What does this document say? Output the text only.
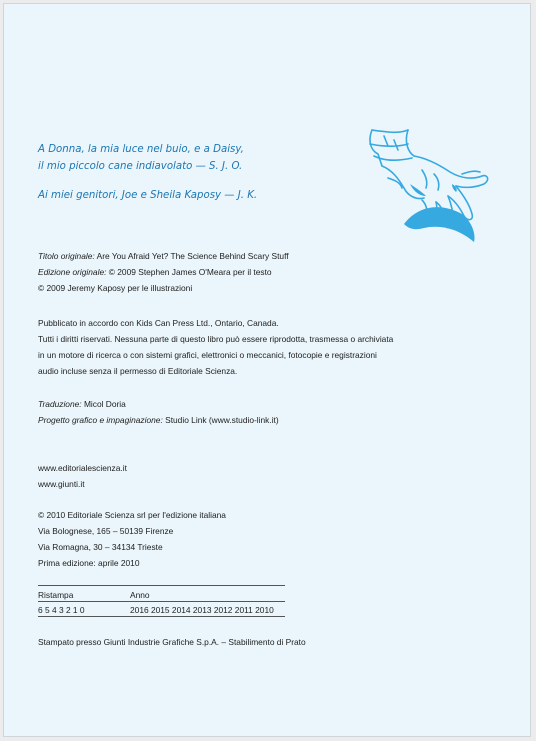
A Donna, la mia luce nel buio, e a Daisy,
il mio piccolo cane indiavolato — S. J. O.
Ai miei genitori, Joe e Sheila Kaposy — J. K.
Titolo originale: Are You Afraid Yet? The Science Behind Scary Stuff
Edizione originale: © 2009 Stephen James O'Meara per il testo
© 2009 Jeremy Kaposy per le illustrazioni
Pubblicato in accordo con Kids Can Press Ltd., Ontario, Canada.
Tutti i diritti riservati. Nessuna parte di questo libro può essere riprodotta, trasmessa o archiviata
in un motore di ricerca o con sistemi grafici, elettronici o meccanici, fotocopie e registrazioni
audio incluse senza il permesso di Editoriale Scienza.
Traduzione: Micol Doria
Progetto grafico e impaginazione: Studio Link (www.studio-link.it)
www.editorialescienza.it
www.giunti.it
© 2010 Editoriale Scienza srl per l'edizione italiana
Via Bolognese, 165 – 50139 Firenze
Via Romagna, 30 – 34134 Trieste
Prima edizione: aprile 2010
Ristampa	Anno
6 5 4 3 2 1 0	2016 2015 2014 2013 2012 2011 2010
Stampato presso Giunti Industrie Grafiche S.p.A. – Stabilimento di Prato
